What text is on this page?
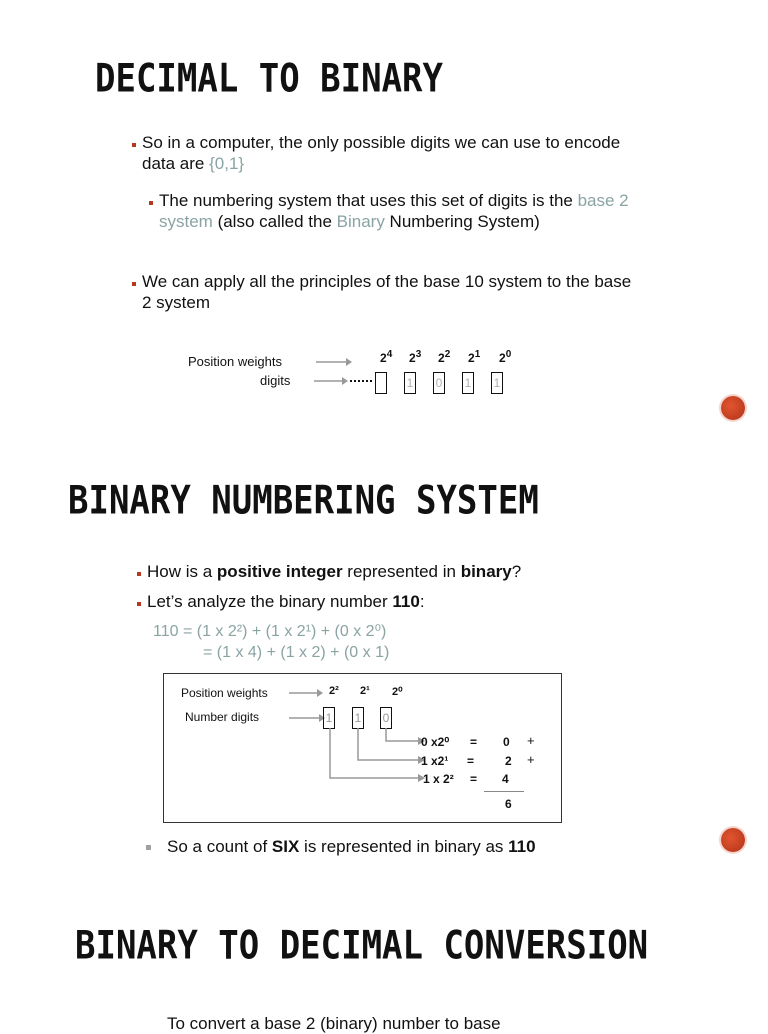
DECIMAL TO BINARY
So in a computer, the only possible digits we can use to encode data are {0,1}
The numbering system that uses this set of digits is the base 2 system (also called the Binary Numbering System)
We can apply all the principles of the base 10 system to the base 2 system
Position weights
digits
$2^4$ $2^3$ $2^2$ $2^1$ $2^0$
1 0 1 1
BINARY NUMBERING SYSTEM
How is a positive integer represented in binary?
Let’s analyze the binary number 110:
110 = (1 x 2²) + (1 x 2¹) + (0 x 2⁰)
= (1 x 4) + (1 x 2) + (0 x 1)
Position weights
Number digits
2² 2¹ 2⁰
1 1 0
0 x2⁰ = 0 +
1 x2¹ =	2 +
1 x 2² = 4
6
So a count of SIX is represented in binary as 110
BINARY TO DECIMAL CONVERSION
To convert a base 2 (binary) number to base
